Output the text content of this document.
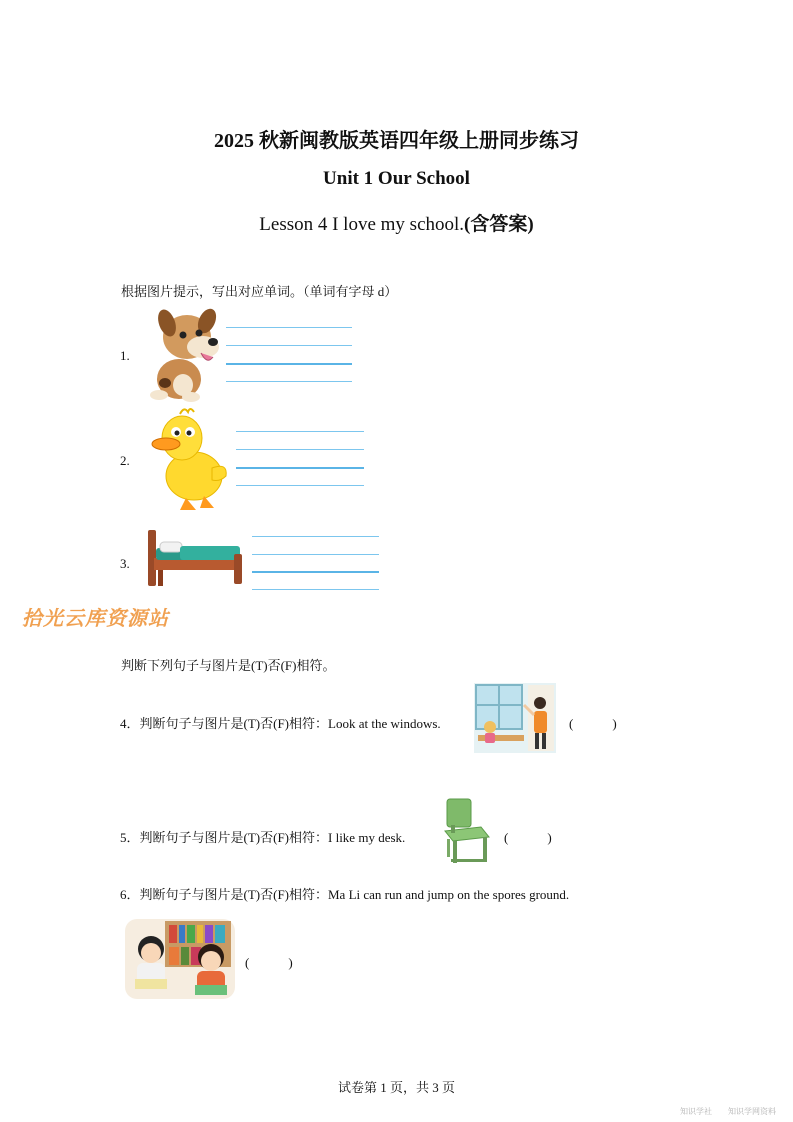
2025 秋新闽教版英语四年级上册同步练习
Unit 1 Our School
Lesson 4 I love my school.(含答案)
根据图片提示，写出对应单词。（单词有字母 d）
1.
2.
3.
拾光云库资源站
判断下列句子与图片是(T)否(F)相符。
4．判断句子与图片是(T)否(F)相符：Look at the windows.	(　　　)
5．判断句子与图片是(T)否(F)相符：I like my desk.	(　　　)
6．判断句子与图片是(T)否(F)相符：Ma Li can run and jump on the spores ground.
(　　　)
试卷第 1 页，共 3 页
知识学社 知识学网资料
